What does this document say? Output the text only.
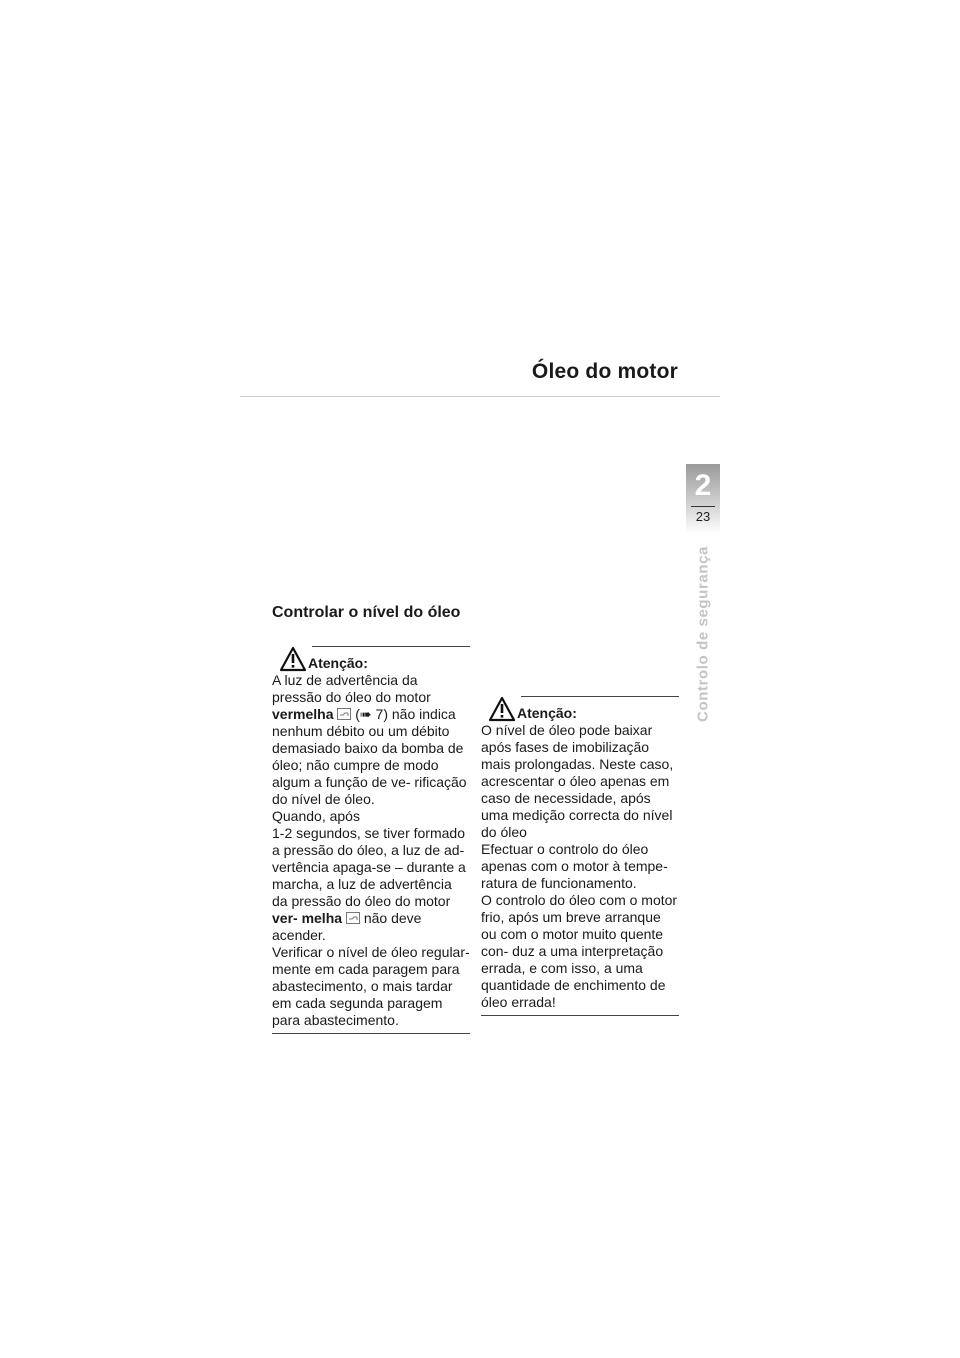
Óleo do motor
2
23
Controlo de segurança
Controlar o nível do óleo
Atenção:

A luz de advertência da pressão do óleo do motor vermelha  (➠ 7) não indica nenhum débito ou um débito demasiado baixo da bomba de óleo; não cumpre de modo algum a função de ve- rificação do nível de óleo.
Quando, após
1-2 segundos, se tiver formado a pressão do óleo, a luz de ad- vertência apaga-se – durante a marcha, a luz de advertência da pressão do óleo do motor ver- melha  não deve acender.
Verificar o nível de óleo regular- mente em cada paragem para abastecimento, o mais tardar em cada segunda paragem para abastecimento.

Atenção:

O nível de óleo pode baixar após fases de imobilização mais prolongadas. Neste caso, acrescentar o óleo apenas em caso de necessidade, após uma medição correcta do nível do óleo
Efectuar o controlo do óleo apenas com o motor à tempe- ratura de funcionamento.
O controlo do óleo com o motor frio, após um breve arranque ou com o motor muito quente con- duz a uma interpretação errada, e com isso, a uma quantidade de enchimento de óleo errada!
